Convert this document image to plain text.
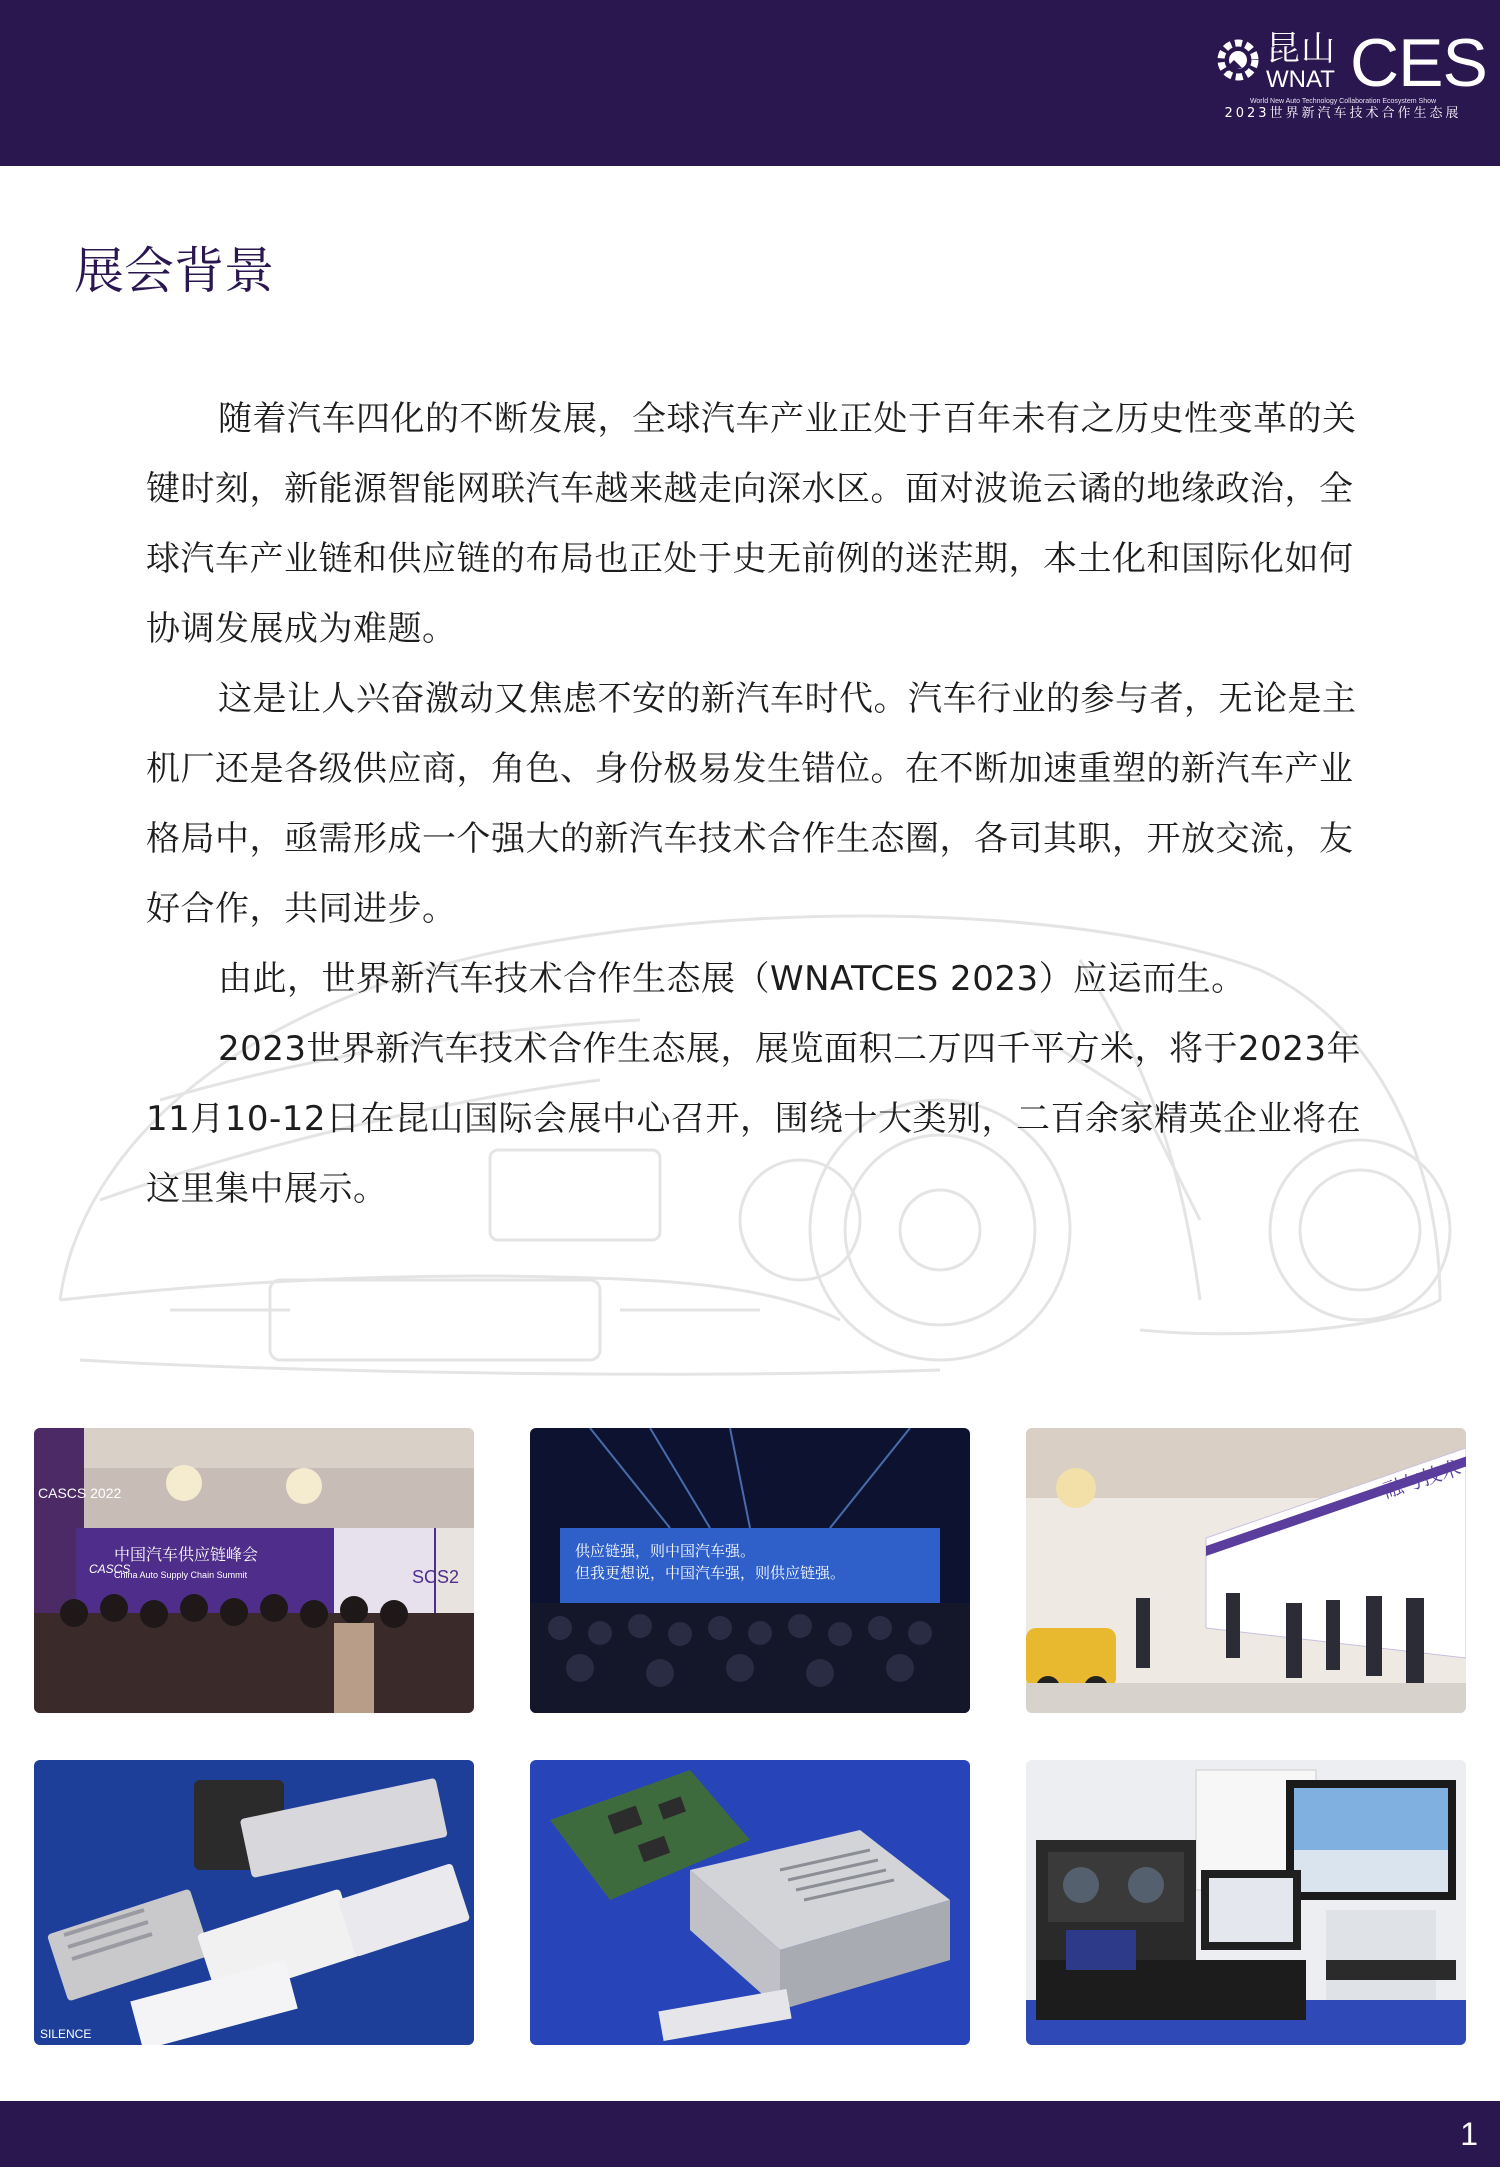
昆山
WNAT CES
World New Auto Technology Collaboration Ecosystem Show
2023世界新汽车技术合作生态展
展会背景

随着汽车四化的不断发展，全球汽车产业正处于百年未有之历史性变革的关键时刻，新能源智能网联汽车越来越走向深水区。面对波诡云谲的地缘政治，全球汽车产业链和供应链的布局也正处于史无前例的迷茫期，本土化和国际化如何协调发展成为难题。

这是让人兴奋激动又焦虑不安的新汽车时代。汽车行业的参与者，无论是主机厂还是各级供应商，角色、身份极易发生错位。在不断加速重塑的新汽车产业格局中，亟需形成一个强大的新汽车技术合作生态圈，各司其职，开放交流，友好合作，共同进步。

由此，世界新汽车技术合作生态展（WNATCES 2023）应运而生。

2023世界新汽车技术合作生态展，展览面积二万四千平方米，将于2023年11月10-12日在昆山国际会展中心召开，围绕十大类别，二百余家精英企业将在这里集中展示。

CASCS 2022
中国汽车供应链峰会
China Auto Supply Chain Summit
CASCS	SCS2
供应链强，则中国汽车强。
但我更想说，中国汽车强，则供应链强。
融与技术
SILENCE
1
